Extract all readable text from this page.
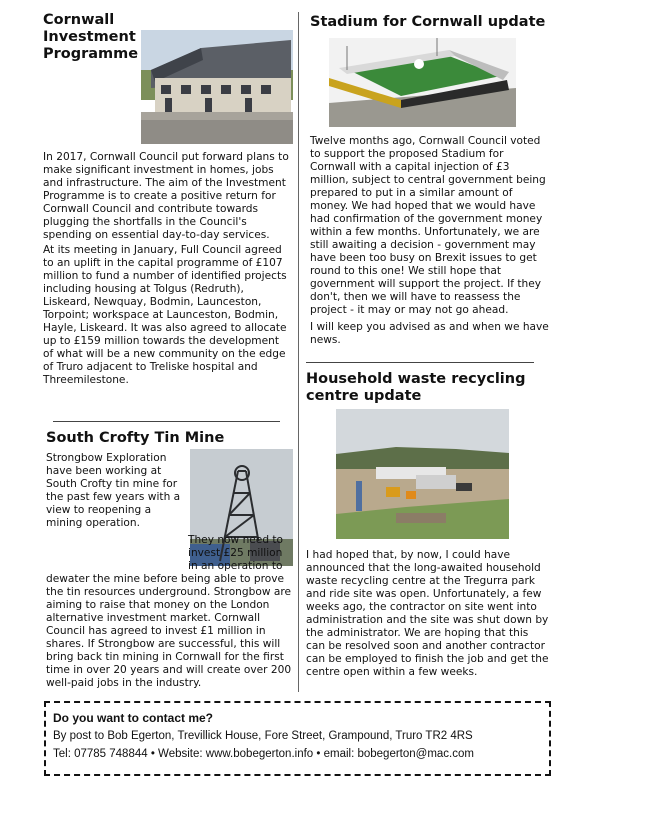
Cornwall Investment Programme

In 2017, Cornwall Council put forward plans to make significant investment in homes, jobs and infrastructure. The aim of the Investment Programme is to create a positive return for Cornwall Council and contribute towards plugging the shortfalls in the Council's spending on essential day-to-day services.

At its meeting in January, Full Council agreed to an uplift in the capital programme of £107 million to fund a number of identified projects including housing at Tolgus (Redruth), Liskeard, Newquay, Bodmin, Launceston, Torpoint; workspace at Launceston, Bodmin, Hayle, Liskeard. It was also agreed to allocate up to £159 million towards the development of what will be a new community on the edge of Truro adjacent to Treliske hospital and Threemilestone.

South Crofty Tin Mine

Strongbow Exploration have been working at South Crofty tin mine for the past few years with a view to reopening a mining operation.

They now need to invest £25 million in an operation to dewater the mine before being able to prove the tin resources underground. Strongbow are aiming to raise that money on the London alternative investment market. Cornwall Council has agreed to invest £1 million in shares. If Strongbow are successful, this will bring back tin mining in Cornwall for the first time in over 20 years and will create over 200 well-paid jobs in the industry.

Stadium for Cornwall update

Twelve months ago, Cornwall Council voted to support the proposed Stadium for Cornwall with a capital injection of £3 million, subject to central government being prepared to put in a similar amount of money. We had hoped that we would have had confirmation of the government money within a few months. Unfortunately, we are still awaiting a decision - government may have been too busy on Brexit issues to get round to this one! We still hope that government will support the project. If they don't, then we will have to reassess the project - it may or may not go ahead.

I will keep you advised as and when we have news.

Household waste recycling centre update

I had hoped that, by now, I could have announced that the long-awaited household waste recycling centre at the Tregurra park and ride site was open. Unfortunately, a few weeks ago, the contractor on site went into administration and the site was shut down by the administrator. We are hoping that this can be resolved soon and another contractor can be employed to finish the job and get the centre open within a few weeks.

Do you want to contact me?
By post to Bob Egerton, Trevillick House, Fore Street, Grampound, Truro TR2 4RS
Tel: 07785 748844 • Website: www.bobegerton.info • email: bobegerton@mac.com
